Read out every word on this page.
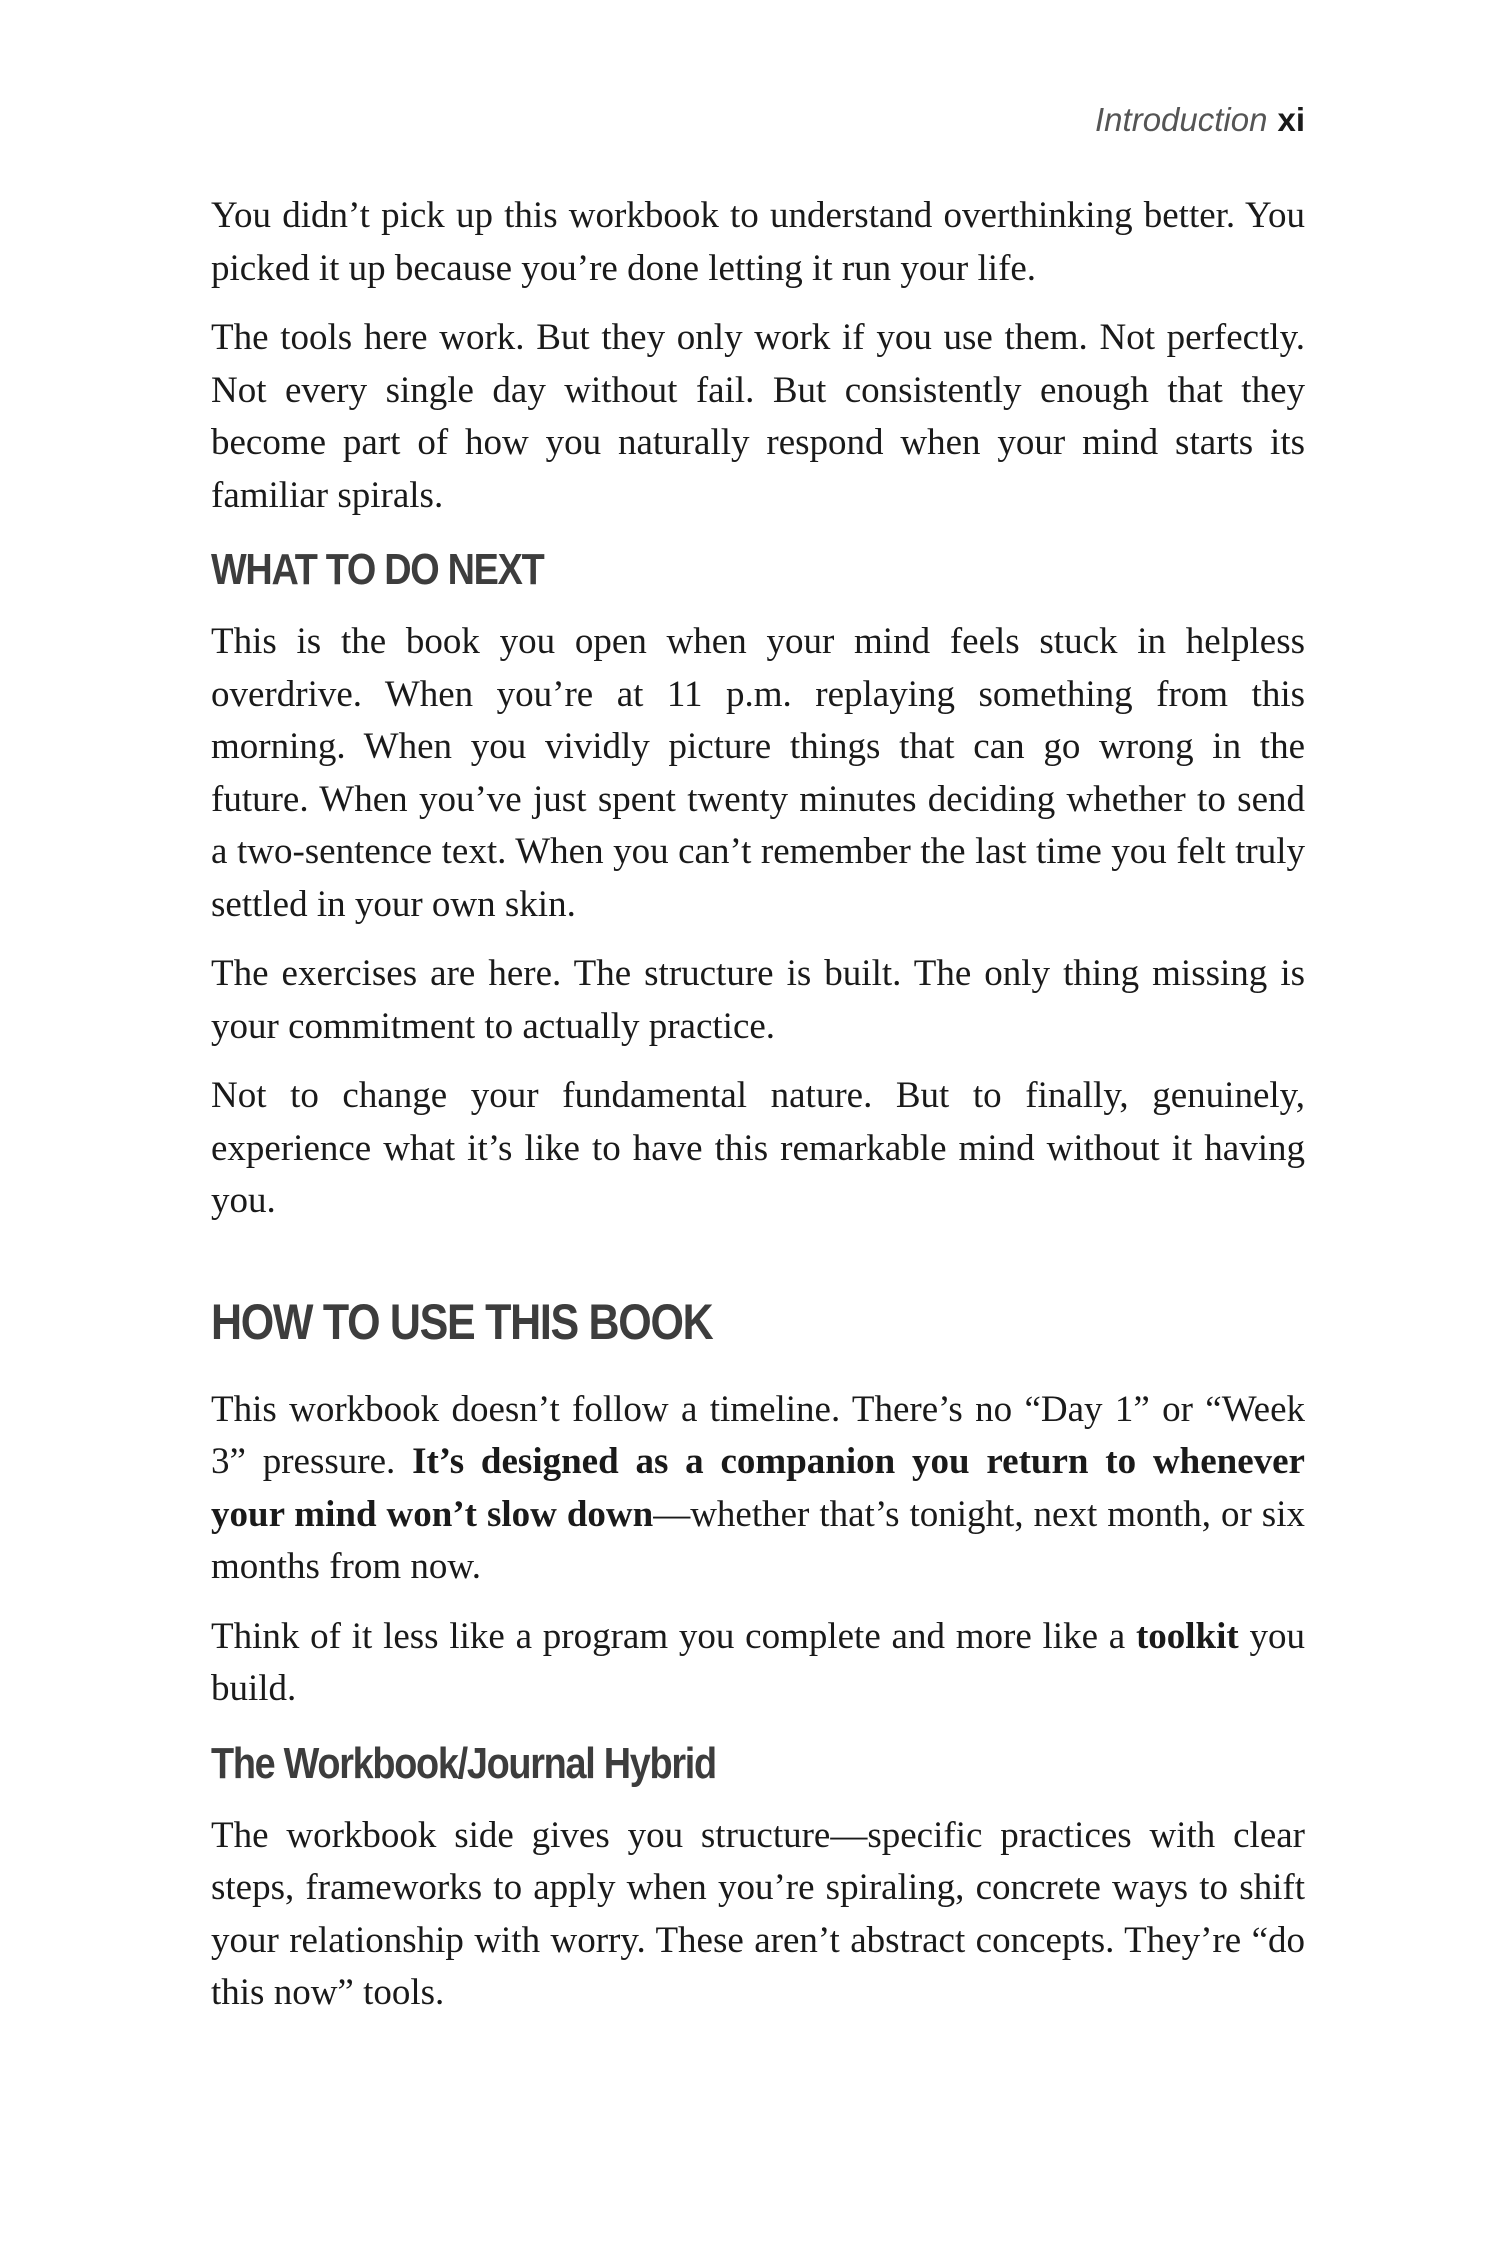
Introduction xi

You didn’t pick up this workbook to understand overthinking better. You picked it up because you’re done letting it run your life.

The tools here work. But they only work if you use them. Not perfectly. Not every single day without fail. But consistently enough that they become part of how you naturally respond when your mind starts its familiar spirals.

WHAT TO DO NEXT

This is the book you open when your mind feels stuck in helpless overdrive. When you’re at 11 p.m. replaying something from this morning. When you vividly picture things that can go wrong in the future. When you’ve just spent twenty minutes deciding whether to send a two-sentence text. When you can’t remember the last time you felt truly settled in your own skin.

The exercises are here. The structure is built. The only thing missing is your commitment to actually practice.

Not to change your fundamental nature. But to finally, genuinely, experience what it’s like to have this remarkable mind without it having you.

HOW TO USE THIS BOOK

This workbook doesn’t follow a timeline. There’s no “Day 1” or “Week 3” pressure. It’s designed as a companion you return to whenever your mind won’t slow down—whether that’s tonight, next month, or six months from now.

Think of it less like a program you complete and more like a toolkit you build.

The Workbook/Journal Hybrid

The workbook side gives you structure—specific practices with clear steps, frameworks to apply when you’re spiraling, concrete ways to shift your relationship with worry. These aren’t abstract concepts. They’re “do this now” tools.
